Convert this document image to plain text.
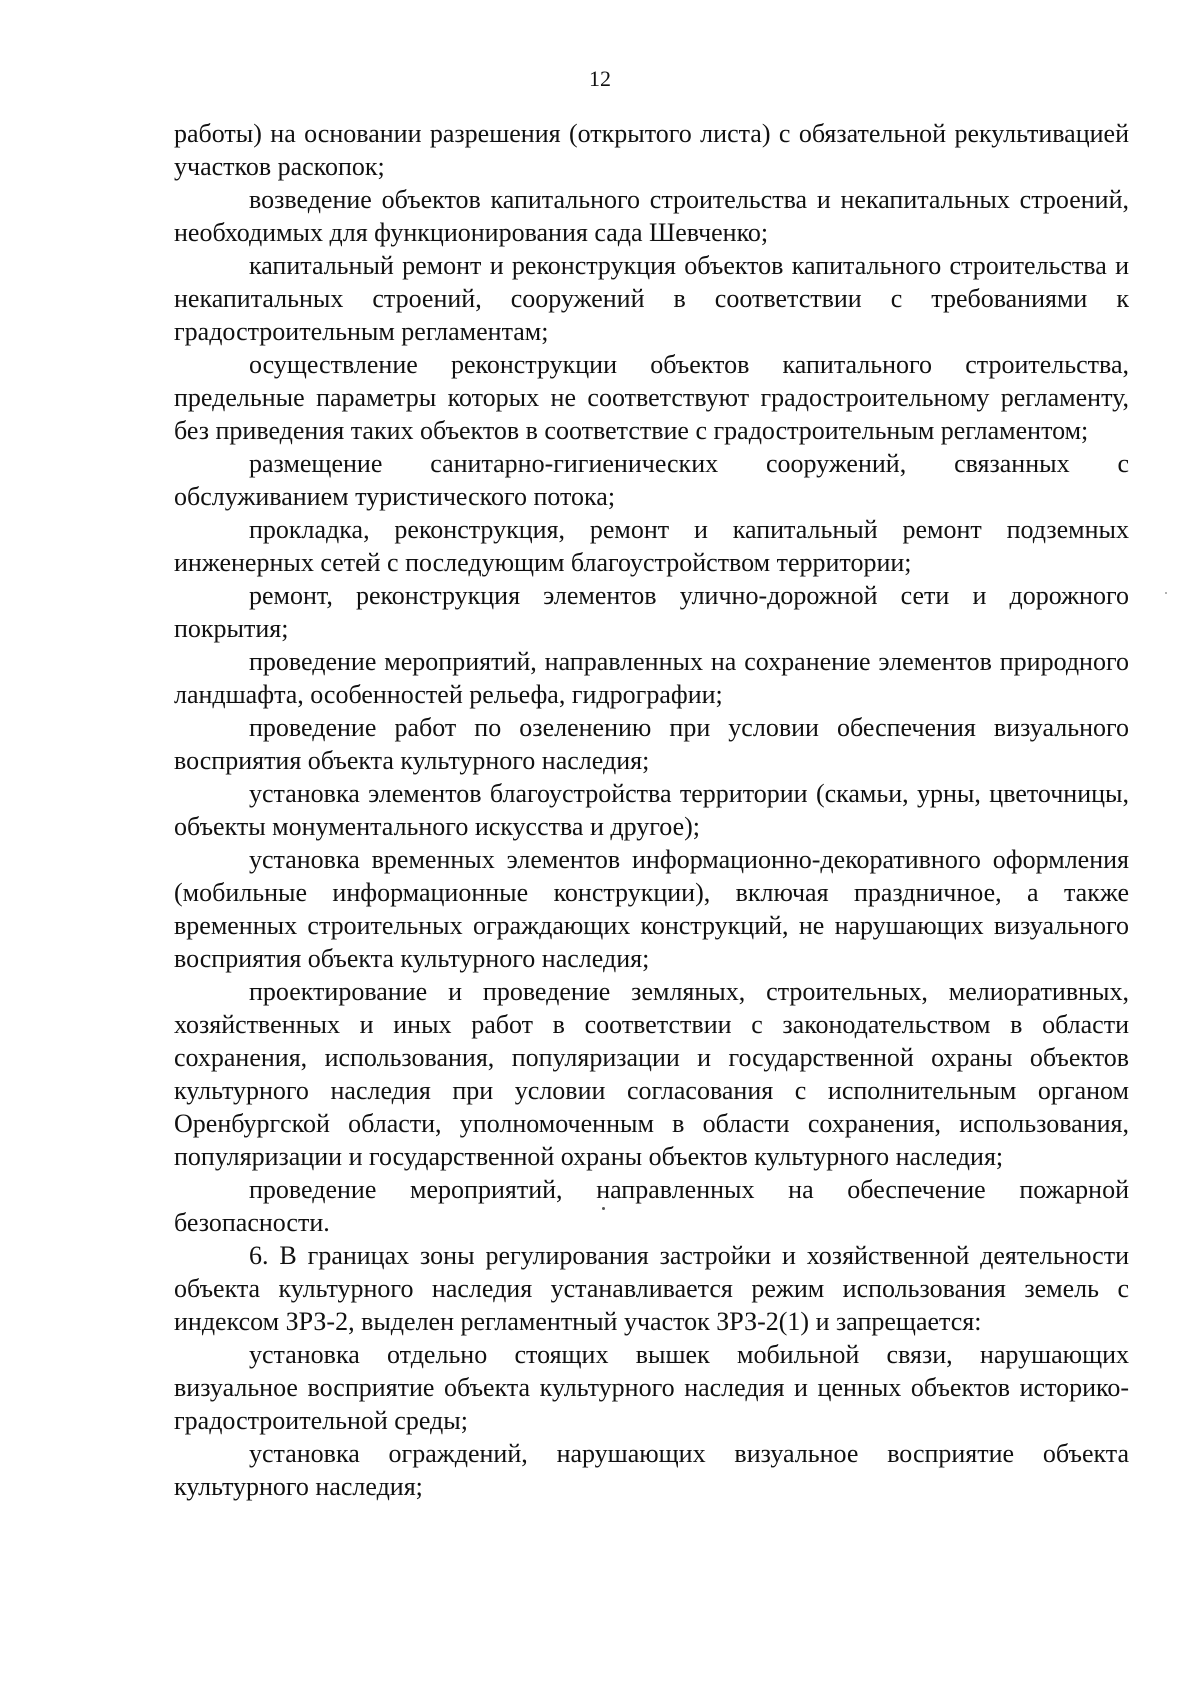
12

работы) на основании разрешения (открытого листа) с обязательной рекультивацией участков раскопок;

возведение объектов капитального строительства и некапитальных строений, необходимых для функционирования сада Шевченко;

капитальный ремонт и реконструкция объектов капитального строительства и некапитальных строений, сооружений в соответствии с требованиями к градостроительным регламентам;

осуществление реконструкции объектов капитального строительства, предельные параметры которых не соответствуют градостроительному регламенту, без приведения таких объектов в соответствие с градостроительным регламентом;

размещение санитарно-гигиенических сооружений, связанных с обслуживанием туристического потока;

прокладка, реконструкция, ремонт и капитальный ремонт подземных инженерных сетей с последующим благоустройством территории;

ремонт, реконструкция элементов улично-дорожной сети и дорожного покрытия;

проведение мероприятий, направленных на сохранение элементов природного ландшафта, особенностей рельефа, гидрографии;

проведение работ по озеленению при условии обеспечения визуального восприятия объекта культурного наследия;

установка элементов благоустройства территории (скамьи, урны, цветочницы, объекты монументального искусства и другое);

установка временных элементов информационно-декоративного оформления (мобильные информационные конструкции), включая праздничное, а также временных строительных ограждающих конструкций, не нарушающих визуального восприятия объекта культурного наследия;

проектирование и проведение земляных, строительных, мелиоративных, хозяйственных и иных работ в соответствии с законодательством в области сохранения, использования, популяризации и государственной охраны объектов культурного наследия при условии согласования с исполнительным органом Оренбургской области, уполномоченным в области сохранения, использования, популяризации и государственной охраны объектов культурного наследия;

проведение мероприятий, направленных на обеспечение пожарной безопасности.

6. В границах зоны регулирования застройки и хозяйственной деятельности объекта культурного наследия устанавливается режим использования земель с индексом ЗРЗ-2, выделен регламентный участок ЗРЗ-2(1) и запрещается:

установка отдельно стоящих вышек мобильной связи, нарушающих визуальное восприятие объекта культурного наследия и ценных объектов историко-градостроительной среды;

установка ограждений, нарушающих визуальное восприятие объекта культурного наследия;
